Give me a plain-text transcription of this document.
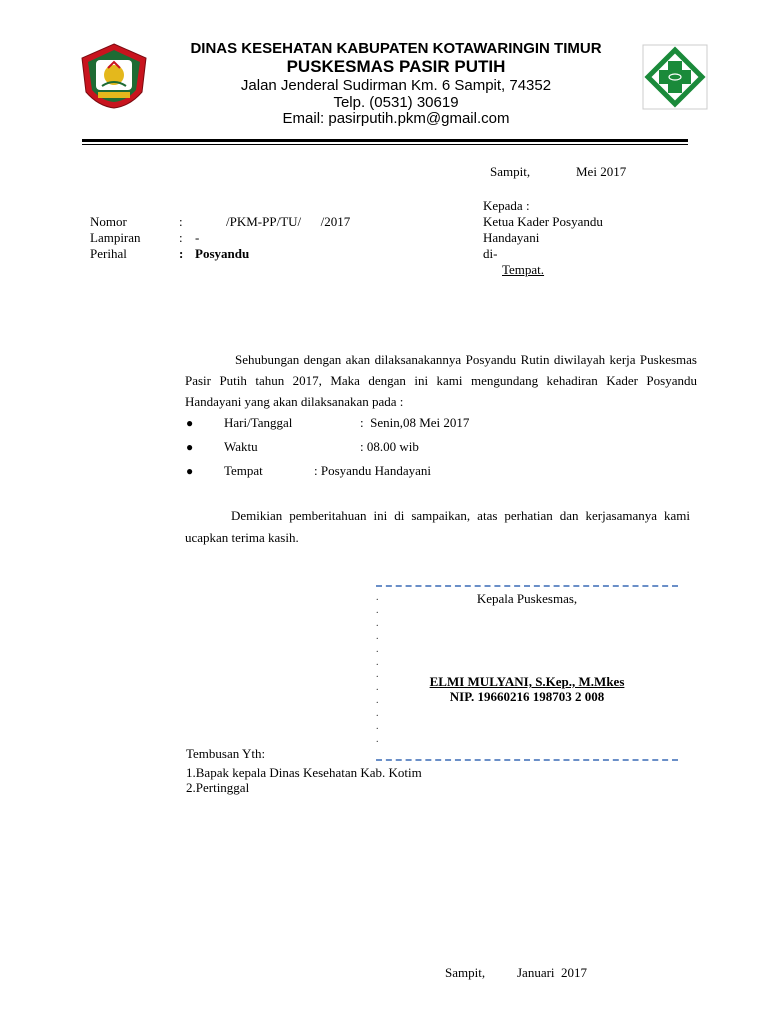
DINAS KESEHATAN KABUPATEN KOTAWARINGIN TIMUR
PUSKESMAS PASIR PUTIH
Jalan Jenderal Sudirman Km. 6 Sampit, 74352
Telp. (0531) 30619
Email: pasirputih.pkm@gmail.com
Sampit,	Mei 2017
Kepada :
Ketua Kader Posyandu
Handayani
di-
Tempat.
Nomor	:	/PKM-PP/TU/      /2017
Lampiran	: -
Perihal	: Posyandu
Sehubungan dengan akan dilaksanakannya Posyandu Rutin diwilayah kerja Puskesmas Pasir Putih tahun 2017, Maka dengan ini kami mengundang kehadiran Kader Posyandu Handayani yang akan dilaksanakan pada :
● Hari/Tanggal	:  Senin,08 Mei 2017
● Waktu	: 08.00 wib
● Tempat	: Posyandu Handayani
Demikian pemberitahuan ini di sampaikan, atas perhatian dan kerjasamanya kami ucapkan terima kasih.
.
.
.
.
.
.
.
.
.
.
.
.
Kepala Puskesmas,
ELMI MULYANI, S.Kep., M.Mkes
NIP. 19660216 198703 2 008
Tembusan Yth:
1.Bapak kepala Dinas Kesehatan Kab. Kotim
2.Pertinggal
Sampit, Januari  2017
